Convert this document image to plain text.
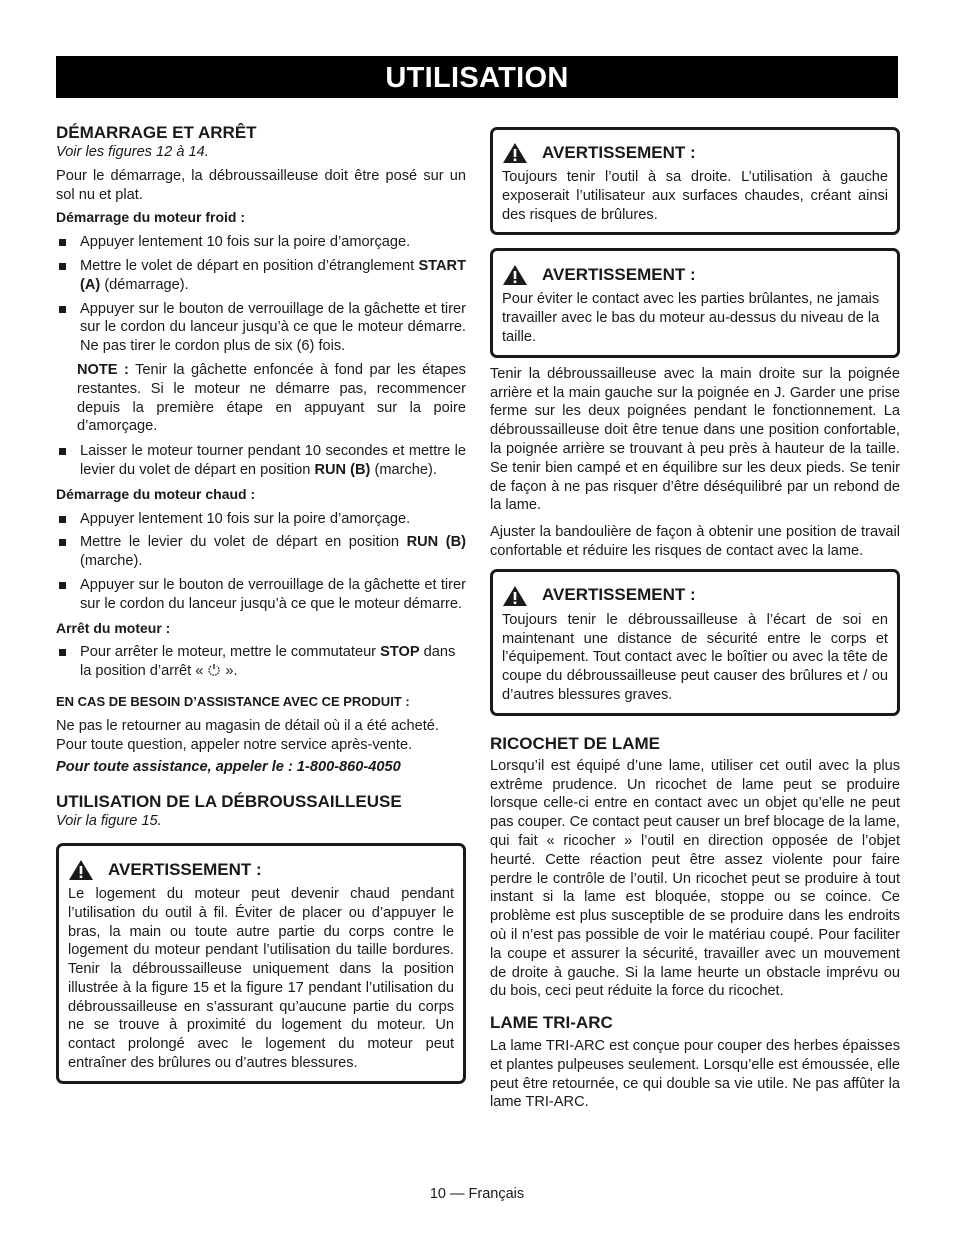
UTILISATION
DÉMARRAGE ET ARRÊT

Voir les figures 12 à 14.

Pour le démarrage, la débroussailleuse doit être posé sur un sol nu et plat.

Démarrage du moteur froid :
Appuyer lentement 10 fois sur la poire d’amorçage.
Mettre le volet de départ en position d’étranglement START (A) (démarrage).
Appuyer sur le bouton de verrouillage de la gâchette et tirer sur le cordon du lanceur jusqu’à ce que le moteur démarre. Ne pas tirer le cordon plus de six (6) fois.

NOTE : Tenir la gâchette enfoncée à fond par les étapes restantes. Si le moteur ne démarre pas, recommencer depuis la première étape en appuyant sur la poire d’amorçage.

Laisser le moteur tourner pendant 10 secondes et mettre le levier du volet de départ en position RUN (B) (marche).
Démarrage du moteur chaud :
Appuyer lentement 10 fois sur la poire d’amorçage.
Mettre le levier du volet de départ en position RUN (B) (marche).
Appuyer sur le bouton de verrouillage de la gâchette et tirer sur le cordon du lanceur jusqu’à ce que le moteur démarre.
Arrêt du moteur :
Pour arrêter le moteur, mettre le commutateur STOP dans la position d’arrêt «  ».
EN CAS DE BESOIN D’ASSISTANCE AVEC CE PRODUIT :

Ne pas le retourner au magasin de détail où il a été acheté. Pour toute question, appeler notre service après-vente.

Pour toute assistance, appeler le : 1-800-860-4050

UTILISATION DE LA DÉBROUSSAILLEUSE

Voir la figure 15.

AVERTISSEMENT :

Le logement du moteur peut devenir chaud pendant l’utilisation du outil à fil. Éviter de placer ou d’appuyer le bras, la main ou toute autre partie du corps contre le logement du moteur pendant l’utilisation du taille bordures. Tenir la débroussailleuse uniquement dans la position illustrée à la figure 15 et la figure 17 pendant l’utilisation du débroussailleuse en s’assurant qu’aucune partie du corps ne se trouve à proximité du logement du moteur. Un contact prolongé avec le logement du moteur peut entraîner des brûlures ou d’autres blessures.

AVERTISSEMENT :

Toujours tenir l’outil à sa droite. L’utilisation à gauche exposerait l’utilisateur aux surfaces chaudes, créant ainsi des risques de brûlures.

AVERTISSEMENT :

Pour éviter le contact avec les parties brûlantes, ne jamais travailler avec le bas du moteur au-dessus du niveau de la taille.

Tenir la débroussailleuse avec la main droite sur la poignée arrière et la main gauche sur la poignée en J. Garder une prise ferme sur les deux poignées pendant le fonctionnement. La débroussailleuse doit être tenue dans une position confortable, la poignée arrière se trouvant à peu près à hauteur de la taille. Se tenir bien campé et en équilibre sur les deux pieds. Se tenir de façon à ne pas risquer d’être déséquilibré par un rebond de la lame.

Ajuster la bandoulière de façon à obtenir une position de travail confortable et réduire les risques de contact avec la lame.

AVERTISSEMENT :

Toujours tenir le débroussailleuse à l’écart de soi en maintenant une distance de sécurité entre le corps et l’équipement. Tout contact avec le boîtier ou avec la tête de coupe du débroussailleuse peut causer des brûlures et / ou d’autres blessures graves.

RICOCHET DE LAME

Lorsqu’il est équipé d’une lame, utiliser cet outil avec la plus extrême prudence. Un ricochet de lame peut se produire lorsque celle-ci entre en contact avec un objet qu’elle ne peut pas couper. Ce contact peut causer un bref blocage de la lame, qui fait « ricocher » l’outil en direction opposée de l’objet heurté. Cette réaction peut être assez violente pour faire perdre le contrôle de l’outil. Un ricochet peut se produire à tout instant si la lame est bloquée, stoppe ou se coince. Ce problème est plus susceptible de se produire dans les endroits où il n’est pas possible de voir le matériau coupé. Pour faciliter la coupe et assurer la sécurité, travailler avec un mouvement de droite à gauche. Si la lame heurte un obstacle imprévu ou du bois, ceci peut réduite la force du ricochet.

LAME TRI-ARC

La lame TRI-ARC est conçue pour couper des herbes épaisses et plantes pulpeuses seulement. Lorsqu’elle est émoussée, elle peut être retournée, ce qui double sa vie utile. Ne pas affûter la lame TRI-ARC.

10 — Français
